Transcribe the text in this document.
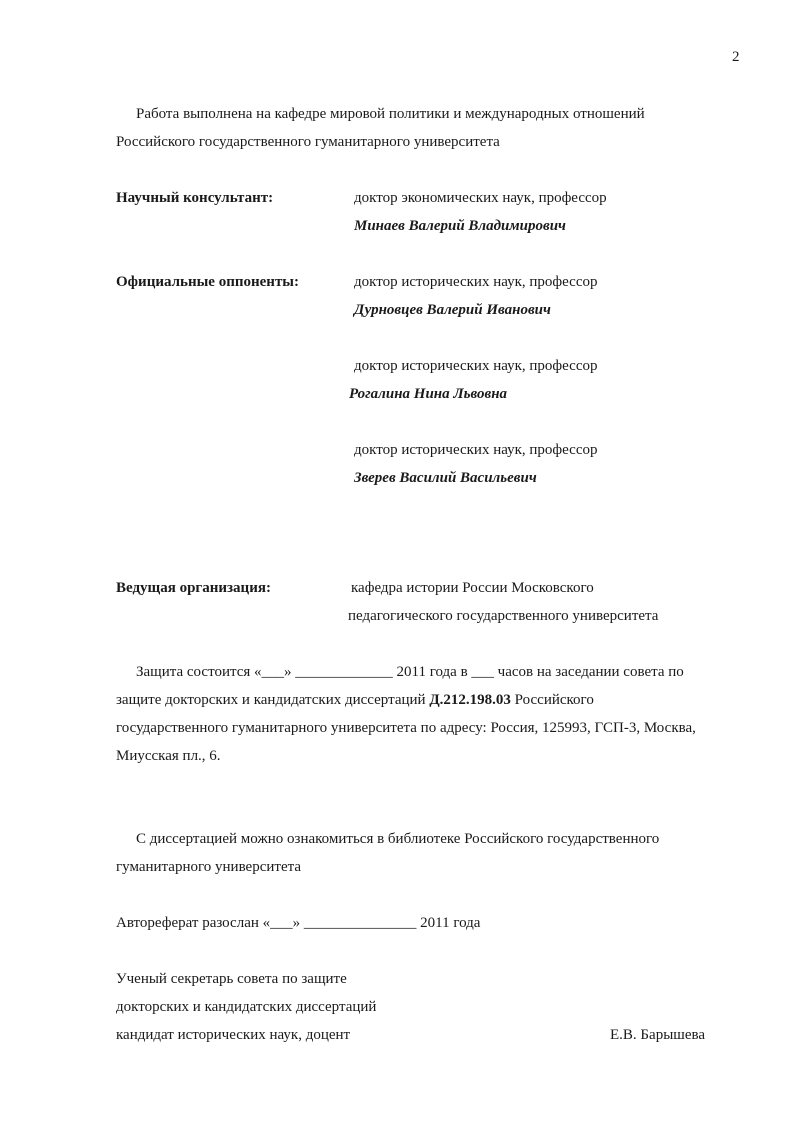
2
Работа выполнена на кафедре мировой политики и международных отношений
Российского государственного гуманитарного университета
Научный консультант:	доктор экономических наук, профессор
Минаев Валерий Владимирович
Официальные оппоненты:	доктор исторических наук, профессор
Дурновцев Валерий Иванович
доктор исторических наук, профессор
Рогалина Нина Львовна
доктор исторических наук, профессор
Зверев Василий Васильевич
Ведущая организация:	кафедра истории России Московского
педагогического государственного университета
Защита состоится «___» _____________ 2011 года в ___ часов на заседании совета по
защите докторских и кандидатских диссертаций Д.212.198.03 Российского
государственного гуманитарного университета по адресу: Россия, 125993, ГСП-3, Москва,
Миусская пл., 6.
С диссертацией можно ознакомиться в библиотеке Российского государственного
гуманитарного университета
Автореферат разослан «___» _______________ 2011 года
Ученый секретарь совета по защите
докторских и кандидатских диссертаций
кандидат исторических наук, доцент	Е.В. Барышева
